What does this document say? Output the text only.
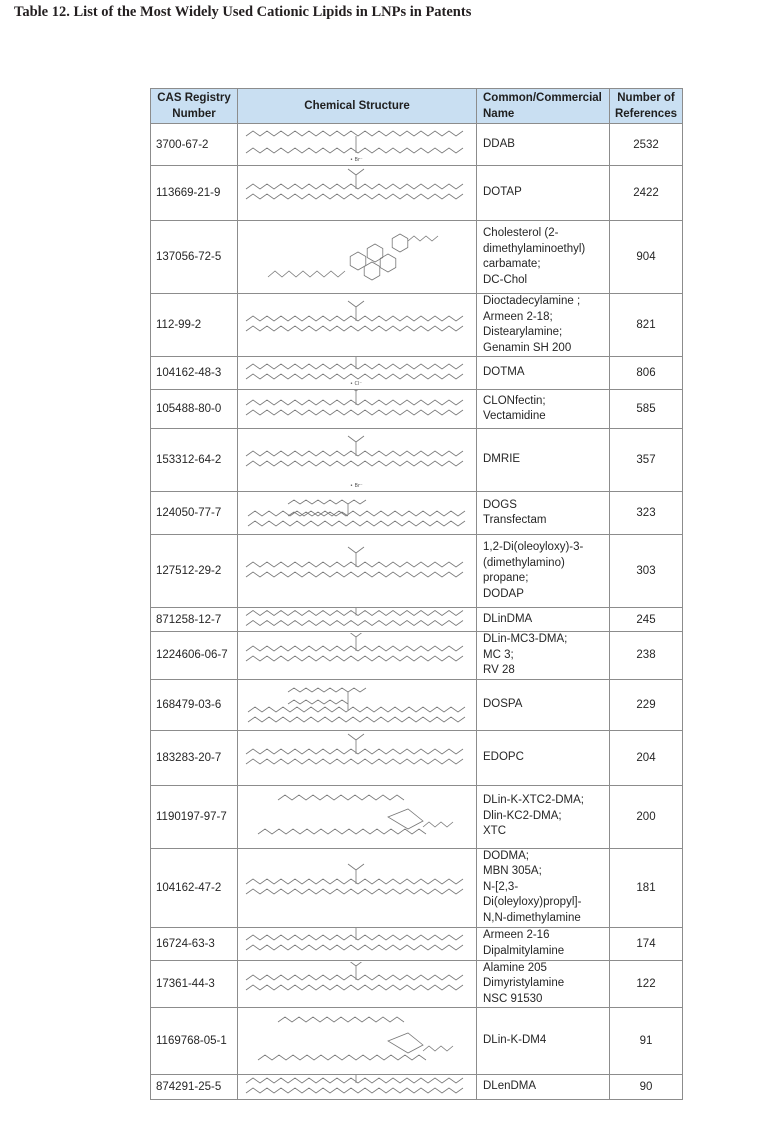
Table 12. List of the Most Widely Used Cationic Lipids in LNPs in Patents
CAS Registry Number	Chemical Structure	Common/Commercial Name	Number of References
3700-67-2	• Br⁻	DDAB	2532
113669-21-9		DOTAP	2422
137056-72-5		Cholesterol (2-
dimethylaminoethyl)
carbamate;
DC-Chol	904
112-99-2		Dioctadecylamine ;
Armeen 2-18;
Distearylamine;
Genamin SH 200	821
104162-48-3	• Cl⁻	DOTMA	806
105488-80-0		CLONfectin;
Vectamidine	585
153312-64-2	• Br⁻	DMRIE	357
124050-77-7		DOGS
Transfectam	323
127512-29-2		1,2-Di(oleoyloxy)-3-
(dimethylamino)
propane;
DODAP	303
871258-12-7		DLinDMA	245
1224606-06-7		DLin-MC3-DMA;
MC 3;
RV 28	238
168479-03-6		DOSPA	229
183283-20-7		EDOPC	204
1190197-97-7		DLin-K-XTC2-DMA;
Dlin-KC2-DMA;
XTC	200
104162-47-2		DODMA;
MBN 305A;
N-[2,3-
Di(oleyloxy)propyl]-
N,N-dimethylamine	181
16724-63-3		Armeen 2-16
Dipalmitylamine	174
17361-44-3		Alamine 205
Dimyristylamine
NSC 91530	122
1169768-05-1		DLin-K-DM4	91
874291-25-5		DLenDMA	90
